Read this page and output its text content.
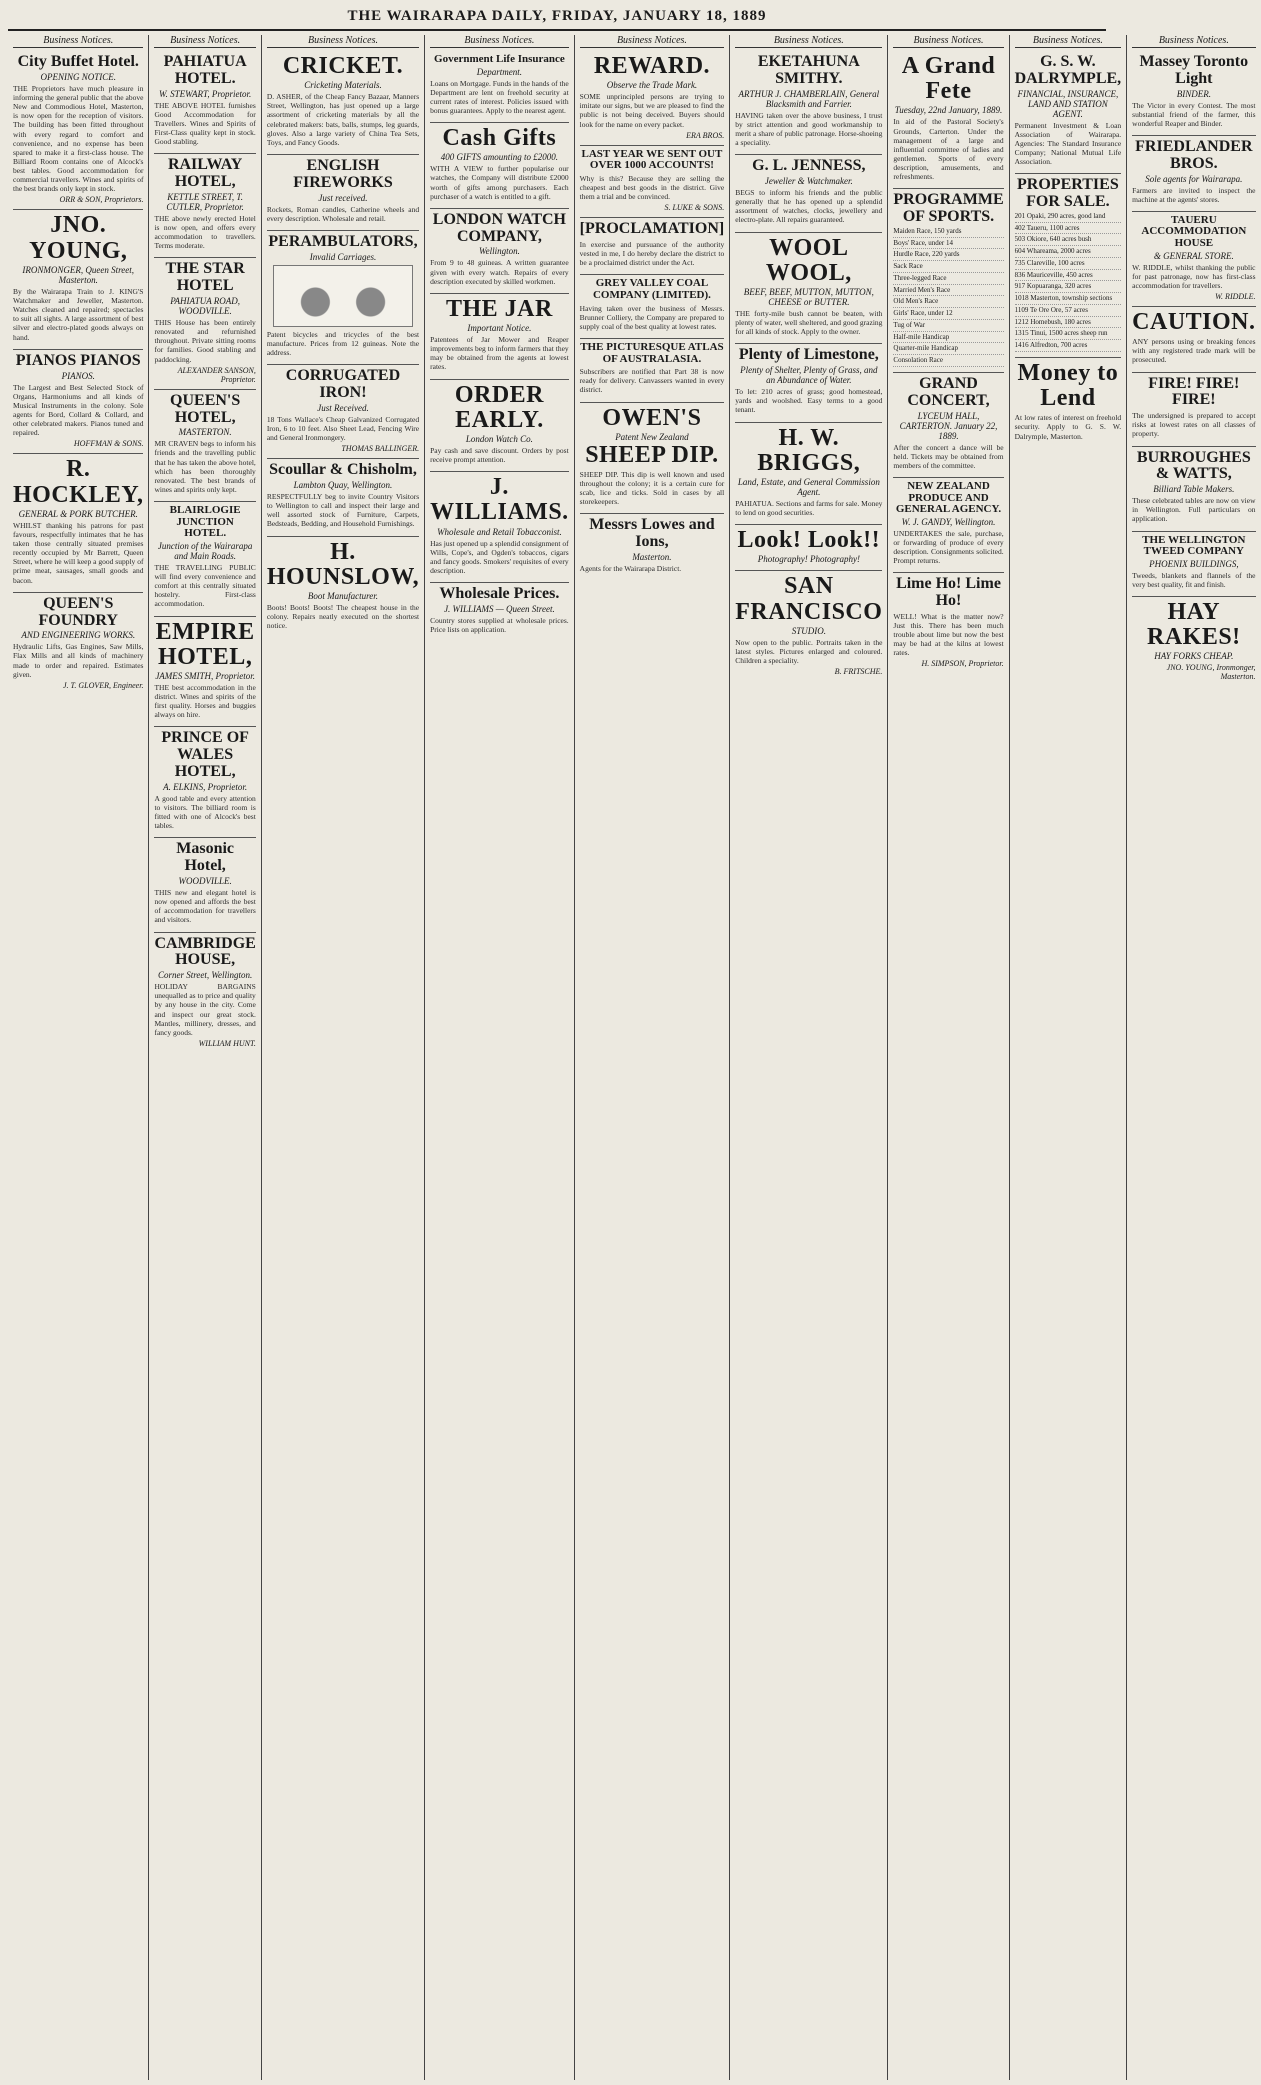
THE WAIRARAPA DAILY, FRIDAY, JANUARY 18, 1889
Business Notices.
City Buffet Hotel.
OPENING NOTICE.
THE Proprietors have much pleasure in informing the general public that the above New and Commodious Hotel, Masterton, is now open for the reception of visitors. The building has been fitted throughout with every regard to comfort and convenience, and no expense has been spared to make it a first-class house. The Billiard Room contains one of Alcock's best tables. Good accommodation for commercial travellers. Wines and spirits of the best brands only kept in stock.
ORR & SON, Proprietors.
JNO. YOUNG,
IRONMONGER, Queen Street, Masterton.
By the Wairarapa Train to J. KING'S Watchmaker and Jeweller, Masterton. Watches cleaned and repaired; spectacles to suit all sights. A large assortment of best silver and electro-plated goods always on hand.
PIANOS PIANOS
PIANOS.
The Largest and Best Selected Stock of Organs, Harmoniums and all kinds of Musical Instruments in the colony. Sole agents for Bord, Collard & Collard, and other celebrated makers. Pianos tuned and repaired.
HOFFMAN & SONS.
R. HOCKLEY,
GENERAL & PORK BUTCHER.
WHILST thanking his patrons for past favours, respectfully intimates that he has taken those centrally situated premises recently occupied by Mr Barrett, Queen Street, where he will keep a good supply of prime meat, sausages, small goods and bacon.
QUEEN'S FOUNDRY
AND ENGINEERING WORKS.
Hydraulic Lifts, Gas Engines, Saw Mills, Flax Mills and all kinds of machinery made to order and repaired. Estimates given.
J. T. GLOVER, Engineer.
Business Notices.
PAHIATUA HOTEL.
W. STEWART, Proprietor.
THE ABOVE HOTEL furnishes Good Accommodation for Travellers. Wines and Spirits of First-Class quality kept in stock. Good stabling.
RAILWAY HOTEL,
KETTLE STREET, T. CUTLER, Proprietor.
THE above newly erected Hotel is now open, and offers every accommodation to travellers. Terms moderate.
THE STAR HOTEL
PAHIATUA ROAD, WOODVILLE.
THIS House has been entirely renovated and refurnished throughout. Private sitting rooms for families. Good stabling and paddocking.
ALEXANDER SANSON, Proprietor.
QUEEN'S HOTEL,
MASTERTON.
MR CRAVEN begs to inform his friends and the travelling public that he has taken the above hotel, which has been thoroughly renovated. The best brands of wines and spirits only kept.
BLAIRLOGIE JUNCTION HOTEL.
Junction of the Wairarapa and Main Roads.
THE TRAVELLING PUBLIC will find every convenience and comfort at this centrally situated hostelry. First-class accommodation.
EMPIRE HOTEL,
JAMES SMITH, Proprietor.
THE best accommodation in the district. Wines and spirits of the first quality. Horses and buggies always on hire.
PRINCE OF WALES HOTEL,
A. ELKINS, Proprietor.
A good table and every attention to visitors. The billiard room is fitted with one of Alcock's best tables.
Masonic Hotel,
WOODVILLE.
THIS new and elegant hotel is now opened and affords the best of accommodation for travellers and visitors.
CAMBRIDGE HOUSE,
Corner Street, Wellington.
HOLIDAY BARGAINS unequalled as to price and quality by any house in the city. Come and inspect our great stock. Mantles, millinery, dresses, and fancy goods.
WILLIAM HUNT.
Business Notices.
CRICKET.
Cricketing Materials.
D. ASHER, of the Cheap Fancy Bazaar, Manners Street, Wellington, has just opened up a large assortment of cricketing materials by all the celebrated makers: bats, balls, stumps, leg guards, gloves. Also a large variety of China Tea Sets, Toys, and Fancy Goods.
ENGLISH FIREWORKS
Just received.
Rockets, Roman candles, Catherine wheels and every description. Wholesale and retail.
PERAMBULATORS,
Invalid Carriages.
Patent bicycles and tricycles of the best manufacture. Prices from 12 guineas. Note the address.
CORRUGATED IRON!
Just Received.
18 Tons Wallace's Cheap Galvanized Corrugated Iron, 6 to 10 feet. Also Sheet Lead, Fencing Wire and General Ironmongery.
THOMAS BALLINGER.
Scoullar & Chisholm,
Lambton Quay, Wellington.
RESPECTFULLY beg to invite Country Visitors to Wellington to call and inspect their large and well assorted stock of Furniture, Carpets, Bedsteads, Bedding, and Household Furnishings.
H. HOUNSLOW,
Boot Manufacturer.
Boots! Boots! Boots! The cheapest house in the colony. Repairs neatly executed on the shortest notice.
Business Notices.
Government Life Insurance
Department.
Loans on Mortgage. Funds in the hands of the Department are lent on freehold security at current rates of interest. Policies issued with bonus guarantees. Apply to the nearest agent.
Cash Gifts
400 GIFTS amounting to £2000.
WITH A VIEW to further popularise our watches, the Company will distribute £2000 worth of gifts among purchasers. Each purchaser of a watch is entitled to a gift.
LONDON WATCH COMPANY,
Wellington.
From 9 to 48 guineas. A written guarantee given with every watch. Repairs of every description executed by skilled workmen.
THE JAR
Important Notice.
Patentees of Jar Mower and Reaper improvements beg to inform farmers that they may be obtained from the agents at lowest rates.
ORDER EARLY.
London Watch Co.
Pay cash and save discount. Orders by post receive prompt attention.
J. WILLIAMS.
Wholesale and Retail Tobacconist.
Has just opened up a splendid consignment of Wills, Cope's, and Ogden's tobaccos, cigars and fancy goods. Smokers' requisites of every description.
Wholesale Prices.
J. WILLIAMS — Queen Street.
Country stores supplied at wholesale prices. Price lists on application.
Business Notices.
REWARD.
Observe the Trade Mark.
SOME unprincipled persons are trying to imitate our signs, but we are pleased to find the public is not being deceived. Buyers should look for the name on every packet.
ERA BROS.
LAST YEAR WE SENT OUT OVER 1000 ACCOUNTS!
Why is this? Because they are selling the cheapest and best goods in the district. Give them a trial and be convinced.
S. LUKE & SONS.
[PROCLAMATION]
In exercise and pursuance of the authority vested in me, I do hereby declare the district to be a proclaimed district under the Act.
GREY VALLEY COAL COMPANY (LIMITED).
Having taken over the business of Messrs. Brunner Colliery, the Company are prepared to supply coal of the best quality at lowest rates.
THE PICTURESQUE ATLAS OF AUSTRALASIA.
Subscribers are notified that Part 38 is now ready for delivery. Canvassers wanted in every district.
OWEN'S
Patent New Zealand
SHEEP DIP.
SHEEP DIP. This dip is well known and used throughout the colony; it is a certain cure for scab, lice and ticks. Sold in cases by all storekeepers.
Messrs Lowes and Ions,
Masterton.
Agents for the Wairarapa District.
Business Notices.
EKETAHUNA SMITHY.
ARTHUR J. CHAMBERLAIN, General Blacksmith and Farrier.
HAVING taken over the above business, I trust by strict attention and good workmanship to merit a share of public patronage. Horse-shoeing a speciality.
G. L. JENNESS,
Jeweller & Watchmaker.
BEGS to inform his friends and the public generally that he has opened up a splendid assortment of watches, clocks, jewellery and electro-plate. All repairs guaranteed.
WOOL WOOL,
BEEF, BEEF, MUTTON, MUTTON, CHEESE or BUTTER.
THE forty-mile bush cannot be beaten, with plenty of water, well sheltered, and good grazing for all kinds of stock. Apply to the owner.
Plenty of Limestone,
Plenty of Shelter, Plenty of Grass, and an Abundance of Water.
To let: 210 acres of grass; good homestead, yards and woolshed. Easy terms to a good tenant.
H. W. BRIGGS,
Land, Estate, and General Commission Agent.
PAHIATUA. Sections and farms for sale. Money to lend on good securities.
Look! Look!!
Photography! Photography!
SAN FRANCISCO
STUDIO.
Now open to the public. Portraits taken in the latest styles. Pictures enlarged and coloured. Children a speciality.
B. FRITSCHE.
Business Notices.
A Grand Fete
Tuesday, 22nd January, 1889.
In aid of the Pastoral Society's Grounds, Carterton. Under the management of a large and influential committee of ladies and gentlemen. Sports of every description, amusements, and refreshments.
PROGRAMME OF SPORTS.
Maiden Race, 150 yards
Boys' Race, under 14
Hurdle Race, 220 yards
Sack Race
Three-legged Race
Married Men's Race
Old Men's Race
Girls' Race, under 12
Tug of War
Half-mile Handicap
Quarter-mile Handicap
Consolation Race
GRAND CONCERT,
LYCEUM HALL, CARTERTON. January 22, 1889.
After the concert a dance will be held. Tickets may be obtained from members of the committee.
NEW ZEALAND PRODUCE AND GENERAL AGENCY.
W. J. GANDY, Wellington.
UNDERTAKES the sale, purchase, or forwarding of produce of every description. Consignments solicited. Prompt returns.
Lime Ho! Lime Ho!
WELL! What is the matter now? Just this. There has been much trouble about lime but now the best may be had at the kilns at lowest rates.
H. SIMPSON, Proprietor.
Business Notices.
G. S. W. DALRYMPLE,
FINANCIAL, INSURANCE, LAND AND STATION AGENT.
Permanent Investment & Loan Association of Wairarapa. Agencies: The Standard Insurance Company; National Mutual Life Association.
PROPERTIES FOR SALE.
201 Opaki, 290 acres, good land
402 Taueru, 1100 acres
503 Okiore, 640 acres bush
604 Whareama, 2000 acres
735 Clareville, 100 acres
836 Mauriceville, 450 acres
917 Kopuaranga, 320 acres
1018 Masterton, township sections
1109 Te Ore Ore, 57 acres
1212 Homebush, 180 acres
1315 Tinui, 1500 acres sheep run
1416 Alfredton, 700 acres
Money to Lend
At low rates of interest on freehold security. Apply to G. S. W. Dalrymple, Masterton.
Business Notices.
Massey Toronto Light
BINDER.
The Victor in every Contest. The most substantial friend of the farmer, this wonderful Reaper and Binder.
FRIEDLANDER BROS.
Sole agents for Wairarapa.
Farmers are invited to inspect the machine at the agents' stores.
TAUERU ACCOMMODATION HOUSE
& GENERAL STORE.
W. RIDDLE, whilst thanking the public for past patronage, now has first-class accommodation for travellers.
W. RIDDLE.
CAUTION.
ANY persons using or breaking fences with any registered trade mark will be prosecuted.
FIRE! FIRE! FIRE!
The undersigned is prepared to accept risks at lowest rates on all classes of property.
BURROUGHES & WATTS,
Billiard Table Makers.
These celebrated tables are now on view in Wellington. Full particulars on application.
THE WELLINGTON TWEED COMPANY
PHOENIX BUILDINGS,
Tweeds, blankets and flannels of the very best quality, fit and finish.
HAY RAKES!
HAY FORKS CHEAP.
JNO. YOUNG, Ironmonger, Masterton.
